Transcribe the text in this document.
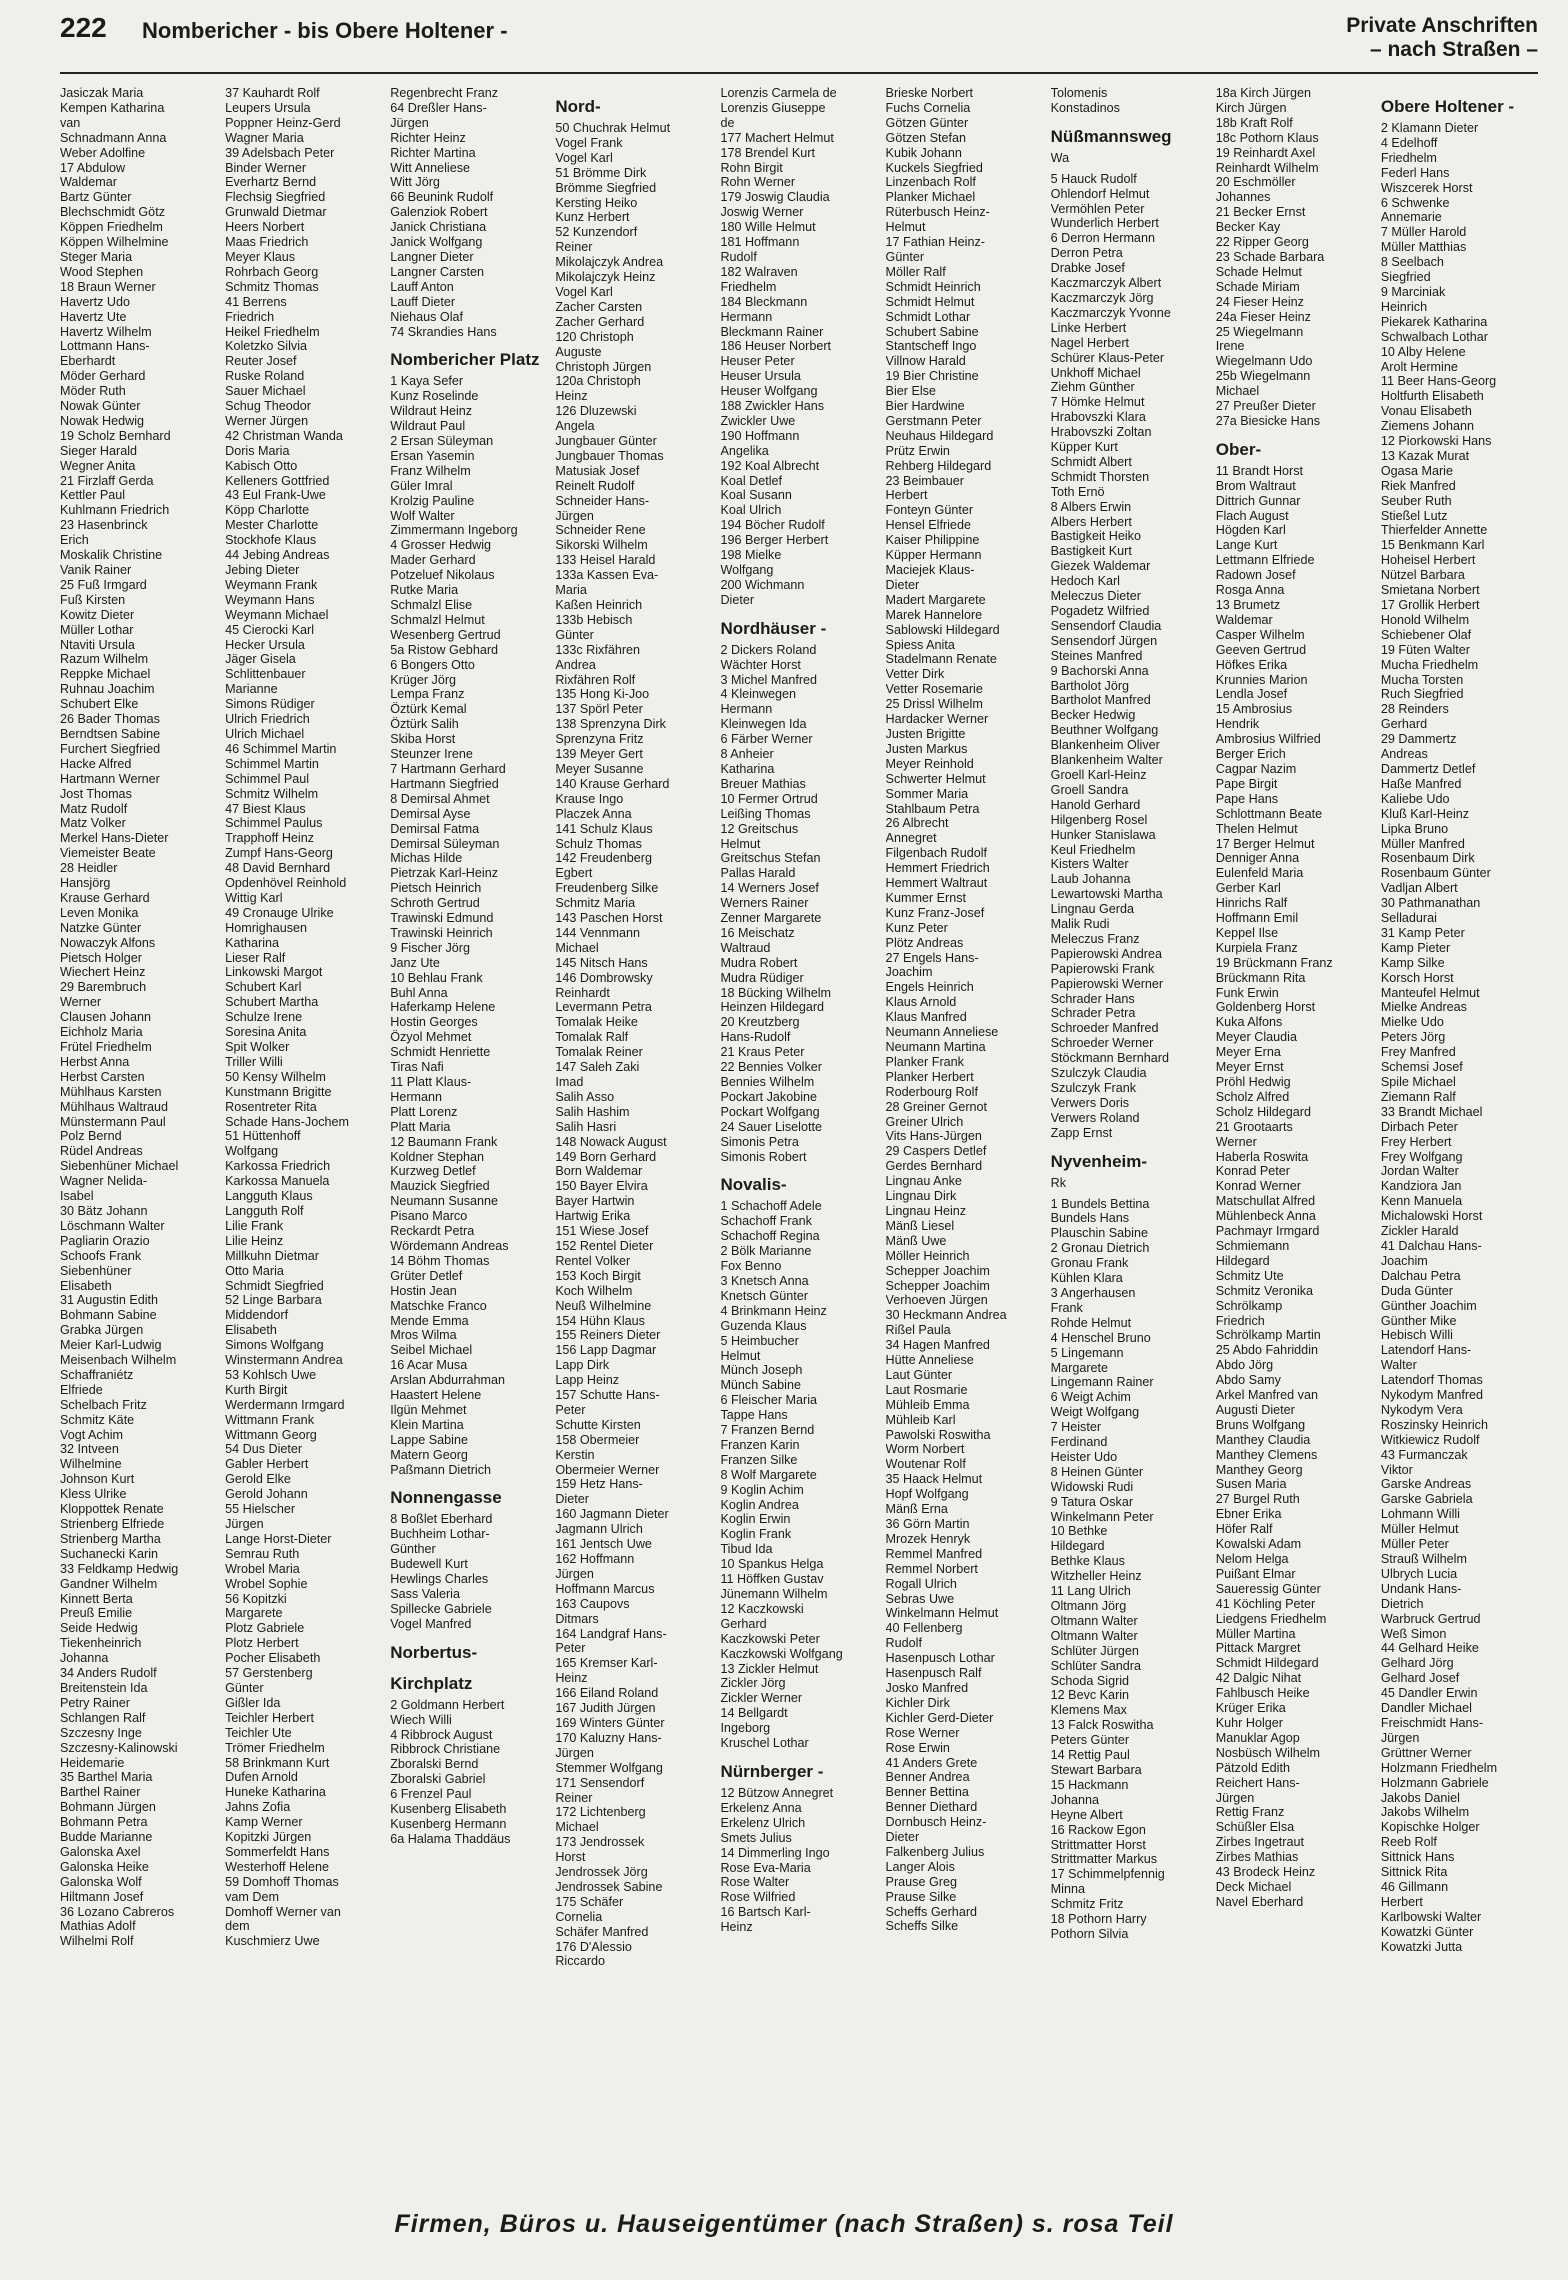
222 Nombericher - bis Obere Holtener -	Private Anschriften
– nach Straßen –
Jasiczak Maria
Kempen Katharina
van
Schnadmann Anna
Weber Adolfine
17 Abdulow
Waldemar
Bartz Günter
Blechschmidt Götz
Köppen Friedhelm
Köppen Wilhelmine
Steger Maria
Wood Stephen
18 Braun Werner
Havertz Udo
Havertz Ute
Havertz Wilhelm
Lottmann Hans-
Eberhardt
Möder Gerhard
Möder Ruth
Nowak Günter
Nowak Hedwig
19 Scholz Bernhard
Sieger Harald
Wegner Anita
21 Firzlaff Gerda
Kettler Paul
Kuhlmann Friedrich
23 Hasenbrinck
Erich
Moskalik Christine
Vanik Rainer
25 Fuß Irmgard
Fuß Kirsten
Kowitz Dieter
Müller Lothar
Ntaviti Ursula
Razum Wilhelm
Reppke Michael
Ruhnau Joachim
Schubert Elke
26 Bader Thomas
Berndtsen Sabine
Furchert Siegfried
Hacke Alfred
Hartmann Werner
Jost Thomas
Matz Rudolf
Matz Volker
Merkel Hans-Dieter
Viemeister Beate
28 Heidler
Hansjörg
Krause Gerhard
Leven Monika
Natzke Günter
Nowaczyk Alfons
Pietsch Holger
Wiechert Heinz
29 Barembruch
Werner
Clausen Johann
Eichholz Maria
Frütel Friedhelm
Herbst Anna
Herbst Carsten
Mühlhaus Karsten
Mühlhaus Waltraud
Münstermann Paul
Polz Bernd
Rüdel Andreas
Siebenhüner Michael
Wagner Nelida-
Isabel
30 Bätz Johann
Löschmann Walter
Pagliarin Orazio
Schoofs Frank
Siebenhüner
Elisabeth
31 Augustin Edith
Bohmann Sabine
Grabka Jürgen
Meier Karl-Ludwig
Meisenbach Wilhelm
Schaffraniétz
Elfriede
Schelbach Fritz
Schmitz Käte
Vogt Achim
32 Intveen
Wilhelmine
Johnson Kurt
Kless Ulrike
Kloppottek Renate
Strienberg Elfriede
Strienberg Martha
Suchanecki Karin
33 Feldkamp Hedwig
Gandner Wilhelm
Kinnett Berta
Preuß Emilie
Seide Hedwig
Tiekenheinrich
Johanna
34 Anders Rudolf
Breitenstein Ida
Petry Rainer
Schlangen Ralf
Szczesny Inge
Szczesny-Kalinowski
Heidemarie
35 Barthel Maria
Barthel Rainer
Bohmann Jürgen
Bohmann Petra
Budde Marianne
Galonska Axel
Galonska Heike
Galonska Wolf
Hiltmann Josef
36 Lozano Cabreros
Mathias Adolf
Wilhelmi Rolf
37 Kauhardt Rolf
Leupers Ursula
Poppner Heinz-Gerd
Wagner Maria
39 Adelsbach Peter
Binder Werner
Everhartz Bernd
Flechsig Siegfried
Grunwald Dietmar
Heers Norbert
Maas Friedrich
Meyer Klaus
Rohrbach Georg
Schmitz Thomas
41 Berrens
Friedrich
Heikel Friedhelm
Koletzko Silvia
Reuter Josef
Ruske Roland
Sauer Michael
Schug Theodor
Werner Jürgen
42 Christman Wanda
Doris Maria
Kabisch Otto
Kelleners Gottfried
43 Eul Frank-Uwe
Köpp Charlotte
Mester Charlotte
Stockhofe Klaus
44 Jebing Andreas
Jebing Dieter
Weymann Frank
Weymann Hans
Weymann Michael
45 Cierocki Karl
Hecker Ursula
Jäger Gisela
Schlittenbauer
Marianne
Simons Rüdiger
Ulrich Friedrich
Ulrich Michael
46 Schimmel Martin
Schimmel Martin
Schimmel Paul
Schmitz Wilhelm
47 Biest Klaus
Schimmel Paulus
Trapphoff Heinz
Zumpf Hans-Georg
48 David Bernhard
Opdenhövel Reinhold
Wittig Karl
49 Cronauge Ulrike
Homrighausen
Katharina
Lieser Ralf
Linkowski Margot
Schubert Karl
Schubert Martha
Schulze Irene
Soresina Anita
Spit Wolker
Triller Willi
50 Kensy Wilhelm
Kunstmann Brigitte
Rosentreter Rita
Schade Hans-Jochem
51 Hüttenhoff
Wolfgang
Karkossa Friedrich
Karkossa Manuela
Langguth Klaus
Langguth Rolf
Lilie Frank
Lilie Heinz
Millkuhn Dietmar
Otto Maria
Schmidt Siegfried
52 Linge Barbara
Middendorf
Elisabeth
Simons Wolfgang
Winstermann Andrea
53 Kohlsch Uwe
Kurth Birgit
Werdermann Irmgard
Wittmann Frank
Wittmann Georg
54 Dus Dieter
Gabler Herbert
Gerold Elke
Gerold Johann
55 Hielscher
Jürgen
Lange Horst-Dieter
Semrau Ruth
Wrobel Maria
Wrobel Sophie
56 Kopitzki
Margarete
Plotz Gabriele
Plotz Herbert
Pocher Elisabeth
57 Gerstenberg
Günter
Gißler Ida
Teichler Herbert
Teichler Ute
Trömer Friedhelm
58 Brinkmann Kurt
Dufen Arnold
Huneke Katharina
Jahns Zofia
Kamp Werner
Kopitzki Jürgen
Sommerfeldt Hans
Westerhoff Helene
59 Domhoff Thomas
vam Dem
Domhoff Werner van
dem
Kuschmierz Uwe
Regenbrecht Franz
64 Dreßler Hans-
Jürgen
Richter Heinz
Richter Martina
Witt Anneliese
Witt Jörg
66 Beunink Rudolf
Galenziok Robert
Janick Christiana
Janick Wolfgang
Langner Dieter
Langner Carsten
Lauff Anton
Lauff Dieter
Niehaus Olaf
74 Skrandies Hans
Nombericher Platz
1 Kaya Sefer
Kunz Roselinde
Wildraut Heinz
Wildraut Paul
2 Ersan Süleyman
Ersan Yasemin
Franz Wilhelm
Güler Imral
Krolzig Pauline
Wolf Walter
Zimmermann Ingeborg
4 Grosser Hedwig
Mader Gerhard
Potzeluef Nikolaus
Rutke Maria
Schmalzl Elise
Schmalzl Helmut
Wesenberg Gertrud
5a Ristow Gebhard
6 Bongers Otto
Krüger Jörg
Lempa Franz
Öztürk Kemal
Öztürk Salih
Skiba Horst
Steunzer Irene
7 Hartmann Gerhard
Hartmann Siegfried
8 Demirsal Ahmet
Demirsal Ayse
Demirsal Fatma
Demirsal Süleyman
Michas Hilde
Pietrzak Karl-Heinz
Pietsch Heinrich
Schroth Gertrud
Trawinski Edmund
Trawinski Heinrich
9 Fischer Jörg
Janz Ute
10 Behlau Frank
Buhl Anna
Haferkamp Helene
Hostin Georges
Özyol Mehmet
Schmidt Henriette
Tiras Nafi
11 Platt Klaus-
Hermann
Platt Lorenz
Platt Maria
12 Baumann Frank
Koldner Stephan
Kurzweg Detlef
Mauzick Siegfried
Neumann Susanne
Pisano Marco
Reckardt Petra
Wördemann Andreas
14 Böhm Thomas
Grüter Detlef
Hostin Jean
Matschke Franco
Mende Emma
Mros Wilma
Seibel Michael
16 Acar Musa
Arslan Abdurrahman
Haastert Helene
Ilgün Mehmet
Klein Martina
Lappe Sabine
Matern Georg
Paßmann Dietrich
Nonnengasse
8 Boßlet Eberhard
Buchheim Lothar-
Günther
Budewell Kurt
Hewlings Charles
Sass Valeria
Spillecke Gabriele
Vogel Manfred
Norbertus-
Kirchplatz
2 Goldmann Herbert
Wiech Willi
4 Ribbrock August
Ribbrock Christiane
Zboralski Bernd
Zboralski Gabriel
6 Frenzel Paul
Kusenberg Elisabeth
Kusenberg Hermann
6a Halama Thaddäus
Nord-
50 Chuchrak Helmut
Vogel Frank
Vogel Karl
51 Brömme Dirk
Brömme Siegfried
Kersting Heiko
Kunz Herbert
52 Kunzendorf
Reiner
Mikolajczyk Andrea
Mikolajczyk Heinz
Vogel Karl
Zacher Carsten
Zacher Gerhard
120 Christoph
Auguste
Christoph Jürgen
120a Christoph
Heinz
126 Dluzewski
Angela
Jungbauer Günter
Jungbauer Thomas
Matusiak Josef
Reinelt Rudolf
Schneider Hans-
Jürgen
Schneider Rene
Sikorski Wilhelm
133 Heisel Harald
133a Kassen Eva-
Maria
Kaßen Heinrich
133b Hebisch
Günter
133c Rixfähren
Andrea
Rixfähren Rolf
135 Hong Ki-Joo
137 Spörl Peter
138 Sprenzyna Dirk
Sprenzyna Fritz
139 Meyer Gert
Meyer Susanne
140 Krause Gerhard
Krause Ingo
Placzek Anna
141 Schulz Klaus
Schulz Thomas
142 Freudenberg
Egbert
Freudenberg Silke
Schmitz Maria
143 Paschen Horst
144 Vennmann
Michael
145 Nitsch Hans
146 Dombrowsky
Reinhardt
Levermann Petra
Tomalak Heike
Tomalak Ralf
Tomalak Reiner
147 Saleh Zaki
Imad
Salih Asso
Salih Hashim
Salih Hasri
148 Nowack August
149 Born Gerhard
Born Waldemar
150 Bayer Elvira
Bayer Hartwin
Hartwig Erika
151 Wiese Josef
152 Rentel Dieter
Rentel Volker
153 Koch Birgit
Koch Wilhelm
Neuß Wilhelmine
154 Hühn Klaus
155 Reiners Dieter
156 Lapp Dagmar
Lapp Dirk
Lapp Heinz
157 Schutte Hans-
Peter
Schutte Kirsten
158 Obermeier
Kerstin
Obermeier Werner
159 Hetz Hans-
Dieter
160 Jagmann Dieter
Jagmann Ulrich
161 Jentsch Uwe
162 Hoffmann
Jürgen
Hoffmann Marcus
163 Caupovs
Ditmars
164 Landgraf Hans-
Peter
165 Kremser Karl-
Heinz
166 Eiland Roland
167 Judith Jürgen
169 Winters Günter
170 Kaluzny Hans-
Jürgen
Stemmer Wolfgang
171 Sensendorf
Reiner
172 Lichtenberg
Michael
173 Jendrossek
Horst
Jendrossek Jörg
Jendrossek Sabine
175 Schäfer
Cornelia
Schäfer Manfred
176 D'Alessio
Riccardo
Lorenzis Carmela de
Lorenzis Giuseppe
de
177 Machert Helmut
178 Brendel Kurt
Rohn Birgit
Rohn Werner
179 Joswig Claudia
Joswig Werner
180 Wille Helmut
181 Hoffmann
Rudolf
182 Walraven
Friedhelm
184 Bleckmann
Hermann
Bleckmann Rainer
186 Heuser Norbert
Heuser Peter
Heuser Ursula
Heuser Wolfgang
188 Zwickler Hans
Zwickler Uwe
190 Hoffmann
Angelika
192 Koal Albrecht
Koal Detlef
Koal Susann
Koal Ulrich
194 Böcher Rudolf
196 Berger Herbert
198 Mielke
Wolfgang
200 Wichmann
Dieter
Nordhäuser -
2 Dickers Roland
Wächter Horst
3 Michel Manfred
4 Kleinwegen
Hermann
Kleinwegen Ida
6 Färber Werner
8 Anheier
Katharina
Breuer Mathias
10 Fermer Ortrud
Leißing Thomas
12 Greitschus
Helmut
Greitschus Stefan
Pallas Harald
14 Werners Josef
Werners Rainer
Zenner Margarete
16 Meischatz
Waltraud
Mudra Robert
Mudra Rüdiger
18 Bücking Wilhelm
Heinzen Hildegard
20 Kreutzberg
Hans-Rudolf
21 Kraus Peter
22 Bennies Volker
Bennies Wilhelm
Pockart Jakobine
Pockart Wolfgang
24 Sauer Liselotte
Simonis Petra
Simonis Robert
Novalis-
1 Schachoff Adele
Schachoff Frank
Schachoff Regina
2 Bölk Marianne
Fox Benno
3 Knetsch Anna
Knetsch Günter
4 Brinkmann Heinz
Guzenda Klaus
5 Heimbucher
Helmut
Münch Joseph
Münch Sabine
6 Fleischer Maria
Tappe Hans
7 Franzen Bernd
Franzen Karin
Franzen Silke
8 Wolf Margarete
9 Koglin Achim
Koglin Andrea
Koglin Erwin
Koglin Frank
Tibud Ida
10 Spankus Helga
11 Höffken Gustav
Jünemann Wilhelm
12 Kaczkowski
Gerhard
Kaczkowski Peter
Kaczkowski Wolfgang
13 Zickler Helmut
Zickler Jörg
Zickler Werner
14 Bellgardt
Ingeborg
Kruschel Lothar
Nürnberger -
12 Bützow Annegret
Erkelenz Anna
Erkelenz Ulrich
Smets Julius
14 Dimmerling Ingo
Rose Eva-Maria
Rose Walter
Rose Wilfried
16 Bartsch Karl-
Heinz
Brieske Norbert
Fuchs Cornelia
Götzen Günter
Götzen Stefan
Kubik Johann
Kuckels Siegfried
Linzenbach Rolf
Planker Michael
Rüterbusch Heinz-
Helmut
17 Fathian Heinz-
Günter
Möller Ralf
Schmidt Heinrich
Schmidt Helmut
Schmidt Lothar
Schubert Sabine
Stantscheff Ingo
Villnow Harald
19 Bier Christine
Bier Else
Bier Hardwine
Gerstmann Peter
Neuhaus Hildegard
Prütz Erwin
Rehberg Hildegard
23 Beimbauer
Herbert
Fonteyn Günter
Hensel Elfriede
Kaiser Philippine
Küpper Hermann
Maciejek Klaus-
Dieter
Madert Margarete
Marek Hannelore
Sablowski Hildegard
Spiess Anita
Stadelmann Renate
Vetter Dirk
Vetter Rosemarie
25 Drissl Wilhelm
Hardacker Werner
Justen Brigitte
Justen Markus
Meyer Reinhold
Schwerter Helmut
Sommer Maria
Stahlbaum Petra
26 Albrecht
Annegret
Filgenbach Rudolf
Hemmert Friedrich
Hemmert Waltraut
Kummer Ernst
Kunz Franz-Josef
Kunz Peter
Plötz Andreas
27 Engels Hans-
Joachim
Engels Heinrich
Klaus Arnold
Klaus Manfred
Neumann Anneliese
Neumann Martina
Planker Frank
Planker Herbert
Roderbourg Rolf
28 Greiner Gernot
Greiner Ulrich
Vits Hans-Jürgen
29 Caspers Detlef
Gerdes Bernhard
Lingnau Anke
Lingnau Dirk
Lingnau Heinz
Mänß Liesel
Mänß Uwe
Möller Heinrich
Schepper Joachim
Schepper Joachim
Verhoeven Jürgen
30 Heckmann Andrea
Rißel Paula
34 Hagen Manfred
Hütte Anneliese
Laut Günter
Laut Rosmarie
Mühleib Emma
Mühleib Karl
Pawolski Roswitha
Worm Norbert
Woutenar Rolf
35 Haack Helmut
Hopf Wolfgang
Mänß Erna
36 Görn Martin
Mrozek Henryk
Remmel Manfred
Remmel Norbert
Rogall Ulrich
Sebras Uwe
Winkelmann Helmut
40 Fellenberg
Rudolf
Hasenpusch Lothar
Hasenpusch Ralf
Josko Manfred
Kichler Dirk
Kichler Gerd-Dieter
Rose Werner
Rose Erwin
41 Anders Grete
Benner Andrea
Benner Bettina
Benner Diethard
Dornbusch Heinz-
Dieter
Falkenberg Julius
Langer Alois
Prause Greg
Prause Silke
Scheffs Gerhard
Scheffs Silke
Tolomenis
Konstadinos
Nüßmannsweg
Wa
5 Hauck Rudolf
Ohlendorf Helmut
Vermöhlen Peter
Wunderlich Herbert
6 Derron Hermann
Derron Petra
Drabke Josef
Kaczmarczyk Albert
Kaczmarczyk Jörg
Kaczmarczyk Yvonne
Linke Herbert
Nagel Herbert
Schürer Klaus-Peter
Unkhoff Michael
Ziehm Günther
7 Hömke Helmut
Hrabovszki Klara
Hrabovszki Zoltan
Küpper Kurt
Schmidt Albert
Schmidt Thorsten
Toth Ernö
8 Albers Erwin
Albers Herbert
Bastigkeit Heiko
Bastigkeit Kurt
Giezek Waldemar
Hedoch Karl
Meleczus Dieter
Pogadetz Wilfried
Sensendorf Claudia
Sensendorf Jürgen
Steines Manfred
9 Bachorski Anna
Bartholot Jörg
Bartholot Manfred
Becker Hedwig
Beuthner Wolfgang
Blankenheim Oliver
Blankenheim Walter
Groell Karl-Heinz
Groell Sandra
Hanold Gerhard
Hilgenberg Rosel
Hunker Stanislawa
Keul Friedhelm
Kisters Walter
Laub Johanna
Lewartowski Martha
Lingnau Gerda
Malik Rudi
Meleczus Franz
Papierowski Andrea
Papierowski Frank
Papierowski Werner
Schrader Hans
Schrader Petra
Schroeder Manfred
Schroeder Werner
Stöckmann Bernhard
Szulczyk Claudia
Szulczyk Frank
Verwers Doris
Verwers Roland
Zapp Ernst
Nyvenheim-
Rk
1 Bundels Bettina
Bundels Hans
Plauschin Sabine
2 Gronau Dietrich
Gronau Frank
Kühlen Klara
3 Angerhausen
Frank
Rohde Helmut
4 Henschel Bruno
5 Lingemann
Margarete
Lingemann Rainer
6 Weigt Achim
Weigt Wolfgang
7 Heister
Ferdinand
Heister Udo
8 Heinen Günter
Widowski Rudi
9 Tatura Oskar
Winkelmann Peter
10 Bethke
Hildegard
Bethke Klaus
Witzheller Heinz
11 Lang Ulrich
Oltmann Jörg
Oltmann Walter
Oltmann Walter
Schlüter Jürgen
Schlüter Sandra
Schoda Sigrid
12 Bevc Karin
Klemens Max
13 Falck Roswitha
Peters Günter
14 Rettig Paul
Stewart Barbara
15 Hackmann
Johanna
Heyne Albert
16 Rackow Egon
Strittmatter Horst
Strittmatter Markus
17 Schimmelpfennig
Minna
Schmitz Fritz
18 Pothorn Harry
Pothorn Silvia
18a Kirch Jürgen
Kirch Jürgen
18b Kraft Rolf
18c Pothorn Klaus
19 Reinhardt Axel
Reinhardt Wilhelm
20 Eschmöller
Johannes
21 Becker Ernst
Becker Kay
22 Ripper Georg
23 Schade Barbara
Schade Helmut
Schade Miriam
24 Fieser Heinz
24a Fieser Heinz
25 Wiegelmann
Irene
Wiegelmann Udo
25b Wiegelmann
Michael
27 Preußer Dieter
27a Biesicke Hans
Ober-
11 Brandt Horst
Brom Waltraut
Dittrich Gunnar
Flach August
Högden Karl
Lange Kurt
Lettmann Elfriede
Radown Josef
Rosga Anna
13 Brumetz
Waldemar
Casper Wilhelm
Geeven Gertrud
Höfkes Erika
Krunnies Marion
Lendla Josef
15 Ambrosius
Hendrik
Ambrosius Wilfried
Berger Erich
Cagpar Nazim
Pape Birgit
Pape Hans
Schlottmann Beate
Thelen Helmut
17 Berger Helmut
Denniger Anna
Eulenfeld Maria
Gerber Karl
Hinrichs Ralf
Hoffmann Emil
Keppel Ilse
Kurpiela Franz
19 Brückmann Franz
Brückmann Rita
Funk Erwin
Goldenberg Horst
Kuka Alfons
Meyer Claudia
Meyer Erna
Meyer Ernst
Pröhl Hedwig
Scholz Alfred
Scholz Hildegard
21 Grootaarts
Werner
Haberla Roswita
Konrad Peter
Konrad Werner
Matschullat Alfred
Mühlenbeck Anna
Pachmayr Irmgard
Schmiemann
Hildegard
Schmitz Ute
Schmitz Veronika
Schrölkamp
Friedrich
Schrölkamp Martin
25 Abdo Fahriddin
Abdo Jörg
Abdo Samy
Arkel Manfred van
Augusti Dieter
Bruns Wolfgang
Manthey Claudia
Manthey Clemens
Manthey Georg
Susen Maria
27 Burgel Ruth
Ebner Erika
Höfer Ralf
Kowalski Adam
Nelom Helga
Puißant Elmar
Saueressig Günter
41 Köchling Peter
Liedgens Friedhelm
Müller Martina
Pittack Margret
Schmidt Hildegard
42 Dalgic Nihat
Fahlbusch Heike
Krüger Erika
Kuhr Holger
Manuklar Agop
Nosbüsch Wilhelm
Pätzold Edith
Reichert Hans-
Jürgen
Rettig Franz
Schüßler Elsa
Zirbes Ingetraut
Zirbes Mathias
43 Brodeck Heinz
Deck Michael
Navel Eberhard
Obere Holtener -
2 Klamann Dieter
4 Edelhoff
Friedhelm
Federl Hans
Wiszcerek Horst
6 Schwenke
Annemarie
7 Müller Harold
Müller Matthias
8 Seelbach
Siegfried
9 Marciniak
Heinrich
Piekarek Katharina
Schwalbach Lothar
10 Alby Helene
Arolt Hermine
11 Beer Hans-Georg
Holtfurth Elisabeth
Vonau Elisabeth
Ziemens Johann
12 Piorkowski Hans
13 Kazak Murat
Ogasa Marie
Riek Manfred
Seuber Ruth
Stießel Lutz
Thierfelder Annette
15 Benkmann Karl
Hoheisel Herbert
Nützel Barbara
Smietana Norbert
17 Grollik Herbert
Honold Wilhelm
Schiebener Olaf
19 Füten Walter
Mucha Friedhelm
Mucha Torsten
Ruch Siegfried
28 Reinders
Gerhard
29 Dammertz
Andreas
Dammertz Detlef
Haße Manfred
Kaliebe Udo
Kluß Karl-Heinz
Lipka Bruno
Müller Manfred
Rosenbaum Dirk
Rosenbaum Günter
Vadljan Albert
30 Pathmanathan
Selladurai
31 Kamp Peter
Kamp Pieter
Kamp Silke
Korsch Horst
Manteufel Helmut
Mielke Andreas
Mielke Udo
Peters Jörg
Frey Manfred
Schemsi Josef
Spile Michael
Ziemann Ralf
33 Brandt Michael
Dirbach Peter
Frey Herbert
Frey Wolfgang
Jordan Walter
Kandziora Jan
Kenn Manuela
Michalowski Horst
Zickler Harald
41 Dalchau Hans-
Joachim
Dalchau Petra
Duda Günter
Günther Joachim
Günther Mike
Hebisch Willi
Latendorf Hans-
Walter
Latendorf Thomas
Nykodym Manfred
Nykodym Vera
Roszinsky Heinrich
Witkiewicz Rudolf
43 Furmanczak
Viktor
Garske Andreas
Garske Gabriela
Lohmann Willi
Müller Helmut
Müller Peter
Strauß Wilhelm
Ulbrych Lucia
Undank Hans-
Dietrich
Warbruck Gertrud
Weß Simon
44 Gelhard Heike
Gelhard Jörg
Gelhard Josef
45 Dandler Erwin
Dandler Michael
Freischmidt Hans-
Jürgen
Grüttner Werner
Holzmann Friedhelm
Holzmann Gabriele
Jakobs Daniel
Jakobs Wilhelm
Kopischke Holger
Reeb Rolf
Sittnick Hans
Sittnick Rita
46 Gillmann
Herbert
Karlbowski Walter
Kowatzki Günter
Kowatzki Jutta
Firmen, Büros u. Hauseigentümer (nach Straßen) s. rosa Teil
